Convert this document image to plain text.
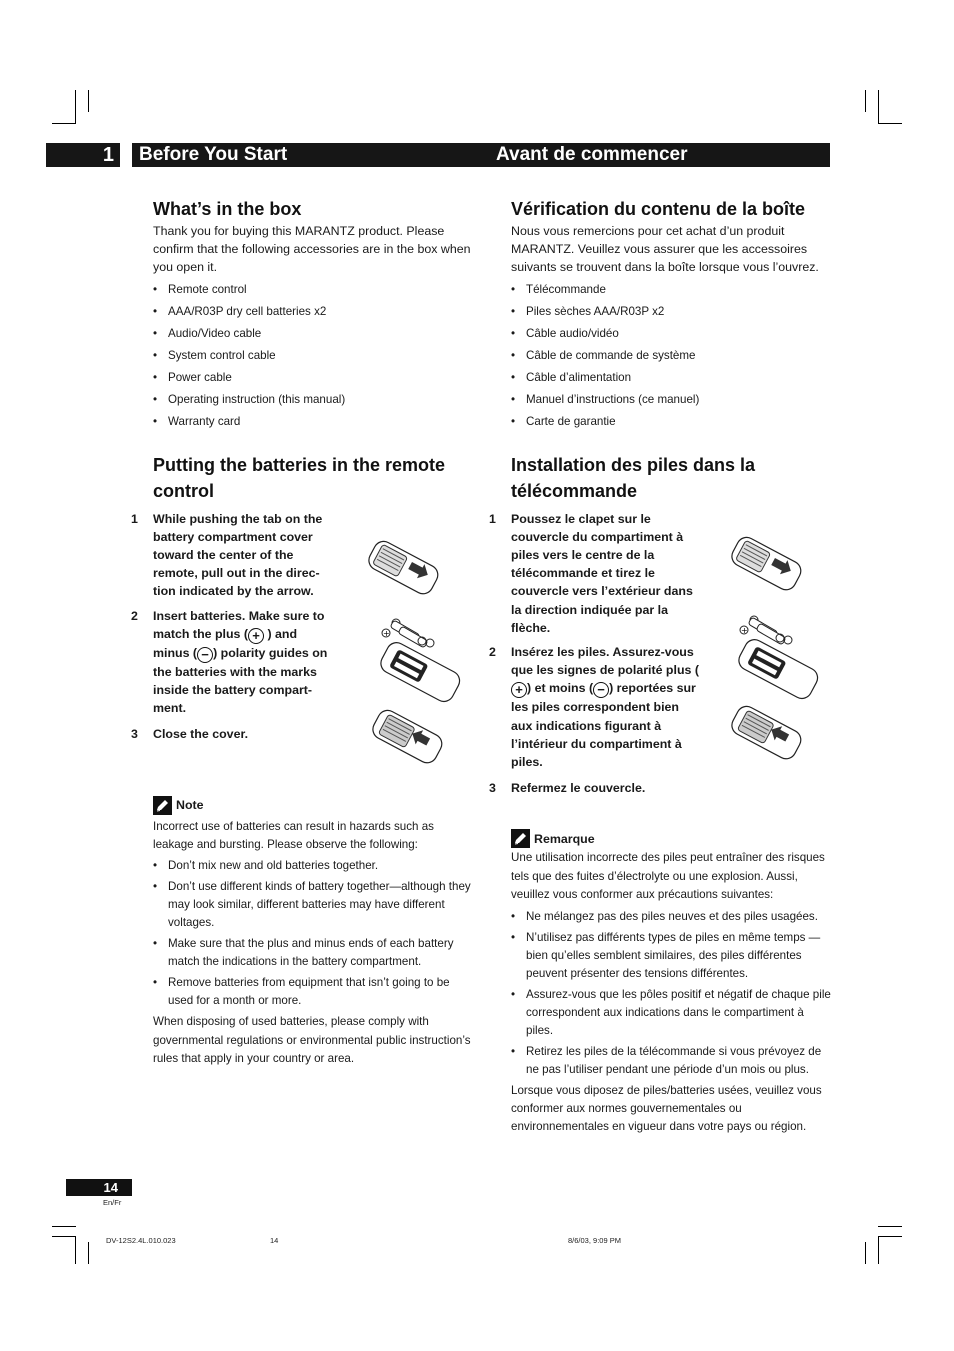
1	Before You Start	Avant de commencer
What’s in the box

Thank you for buying this MARANTZ product. Please confirm that the following accessories are in the box when you open it.

• Remote control
• AAA/R03P dry cell batteries x2
• Audio/Video cable
• System control cable
• Power cable
• Operating instruction (this manual)
• Warranty card
Putting the batteries in the remote control
1 While pushing the tab on the battery compartment cover toward the center of the remote, pull out in the direc-tion indicated by the arrow.
2 Insert batteries. Make sure to match the plus ( + ) and minus ( − ) polarity guides on the batteries with the marks inside the battery compart-ment.
3 Close the cover.
Note

Incorrect use of batteries can result in hazards such as leakage and bursting. Please observe the following:

• Don’t mix new and old batteries together.
• Don’t use different kinds of battery together—although they may look similar, different batteries may have different voltages.
• Make sure that the plus and minus ends of each battery match the indications in the battery compartment.
• Remove batteries from equipment that isn’t going to be used for a month or more.

When disposing of used batteries, please comply with governmental regulations or environmental public instruction’s rules that apply in your country or area.

Vérification du contenu de la boîte

Nous vous remercions pour cet achat d’un produit MARANTZ. Veuillez vous assurer que les accessoires suivants se trouvent dans la boîte lorsque vous l’ouvrez.

• Télécommande
• Piles sèches AAA/R03P x2
• Câble audio/vidéo
• Câble de commande de système
• Câble d’alimentation
• Manuel d’instructions (ce manuel)
• Carte de garantie
Installation des piles dans la télécommande
1 Poussez le clapet sur le couvercle du compartiment à piles vers le centre de la télécommande et tirez le couvercle vers l’extérieur dans la direction indiquée par la flèche.
2 Insérez les piles. Assurez-vous que les signes de polarité plus (+ ) et moins ( − ) reportées sur les piles correspondent bien aux indications figurant à l’intérieur du compartiment à piles.
3 Refermez le couvercle.
Remarque

Une utilisation incorrecte des piles peut entraîner des risques tels que des fuites d’électrolyte ou une explosion. Aussi, veuillez vous conformer aux précautions suivantes:

• Ne mélangez pas des piles neuves et des piles usagées.
• N’utilisez pas différents types de piles en même temps — bien qu’elles semblent similaires, des piles différentes peuvent présenter des tensions différentes.
• Assurez-vous que les pôles positif et négatif de chaque pile correspondent aux indications dans le compartiment à piles.
• Retirez les piles de la télécommande si vous prévoyez de ne pas l’utiliser pendant une période d’un mois ou plus.

Lorsque vous diposez de piles/batteries usées, veuillez vous conformer aux normes gouvernementales ou environnementales en vigueur dans votre pays ou région.

+	+
14
En/Fr
DV-12S2.4L.010.023	14	8/6/03, 9:09 PM
